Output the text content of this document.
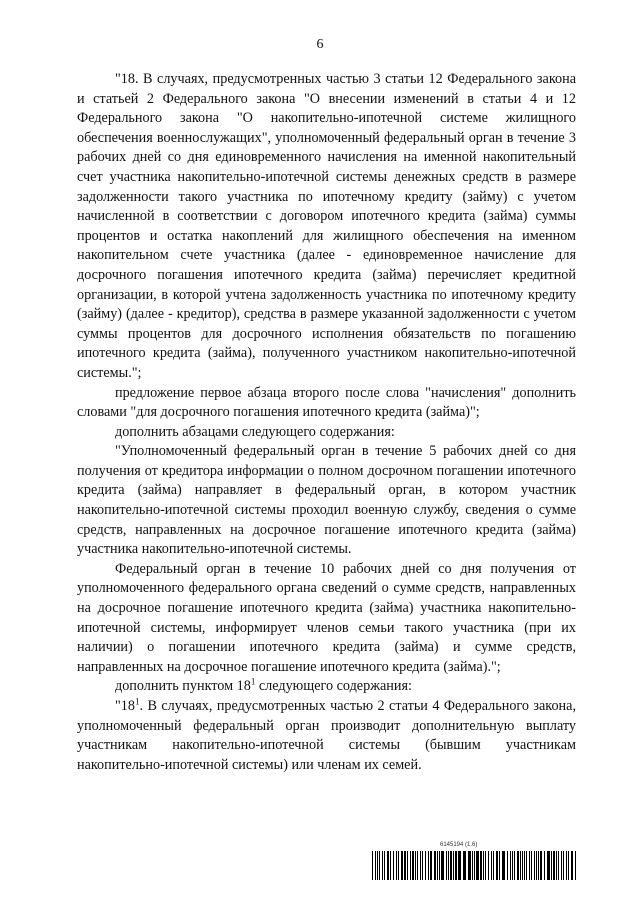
6

"18. В случаях, предусмотренных частью 3 статьи 12 Федерального закона и статьей 2 Федерального закона "О внесении изменений в статьи 4 и 12 Федерального закона "О накопительно-ипотечной системе жилищного обеспечения военнослужащих", уполномоченный федеральный орган в течение 3 рабочих дней со дня единовременного начисления на именной накопительный счет участника накопительно-ипотечной системы денежных средств в размере задолженности такого участника по ипотечному кредиту (займу) с учетом начисленной в соответствии с договором ипотечного кредита (займа) суммы процентов и остатка накоплений для жилищного обеспечения на именном накопительном счете участника (далее - единовременное начисление для досрочного погашения ипотечного кредита (займа) перечисляет кредитной организации, в которой учтена задолженность участника по ипотечному кредиту (займу) (далее - кредитор), средства в размере указанной задолженности с учетом суммы процентов для досрочного исполнения обязательств по погашению ипотечного кредита (займа), полученного участником накопительно-ипотечной системы.";

предложение первое абзаца второго после слова "начисления" дополнить словами "для досрочного погашения ипотечного кредита (займа)";

дополнить абзацами следующего содержания:

"Уполномоченный федеральный орган в течение 5 рабочих дней со дня получения от кредитора информации о полном досрочном погашении ипотечного кредита (займа) направляет в федеральный орган, в котором участник накопительно-ипотечной системы проходил военную службу, сведения о сумме средств, направленных на досрочное погашение ипотечного кредита (займа) участника накопительно-ипотечной системы.

Федеральный орган в течение 10 рабочих дней со дня получения от уполномоченного федерального органа сведений о сумме средств, направленных на досрочное погашение ипотечного кредита (займа) участника накопительно-ипотечной системы, информирует членов семьи такого участника (при их наличии) о погашении ипотечного кредита (займа) и сумме средств, направленных на досрочное погашение ипотечного кредита (займа).";

дополнить пунктом $18^1$ следующего содержания:

"$18^1$. В случаях, предусмотренных частью 2 статьи 4 Федерального закона, уполномоченный федеральный орган производит дополнительную выплату участникам накопительно-ипотечной системы (бывшим участникам накопительно-ипотечной системы) или членам их семей.

6145194 (1.6)
